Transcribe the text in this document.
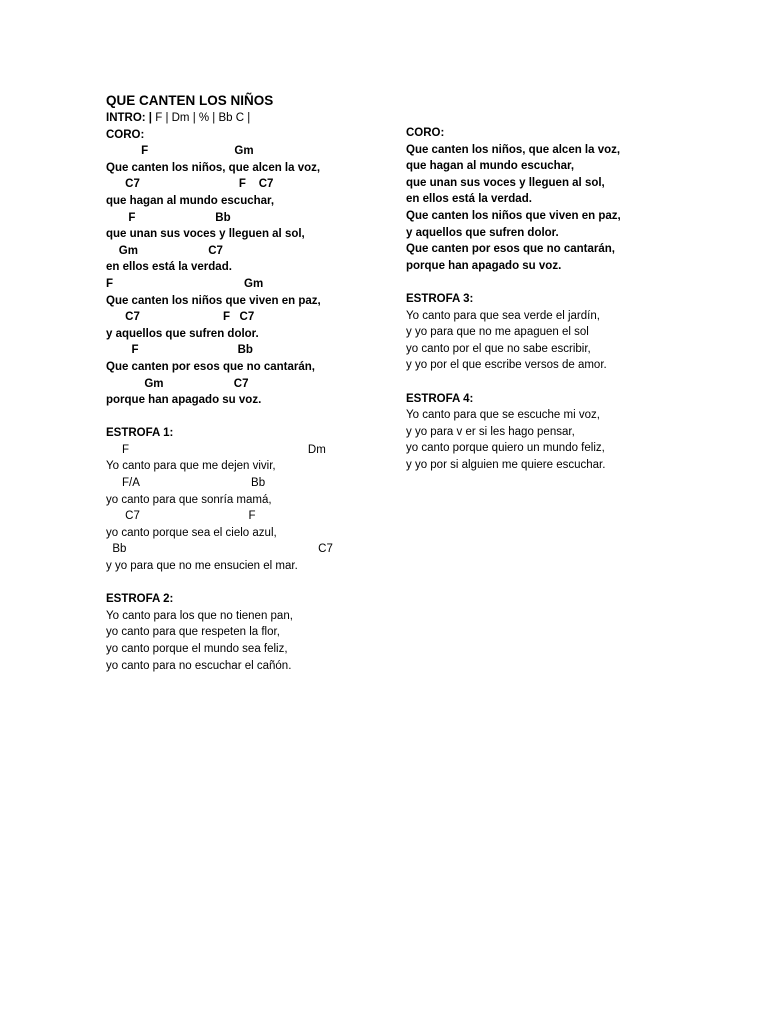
QUE CANTEN LOS NIÑOS
INTRO: | F | Dm | % | Bb C |
CORO:
F                           Gm
Que canten los niños, que alcen la voz,
C7                               F    C7
que hagan al mundo escuchar,
F                         Bb
que unan sus voces y lleguen al sol,
Gm                      C7
en ellos está la verdad.
F                                         Gm
Que canten los niños que viven en paz,
C7                          F   C7
y aquellos que sufren dolor.
F                               Bb
Que canten por esos que no cantarán,
Gm                      C7
porque han apagado su voz.
ESTROFA 1:
F                                                        Dm
Yo canto para que me dejen vivir,
F/A                                   Bb
yo canto para que sonría mamá,
C7                                  F
yo canto porque sea el cielo azul,
Bb                                                            C7
y yo para que no me ensucien el mar.
ESTROFA 2:
Yo canto para los que no tienen pan,
yo canto para que respeten la flor,
yo canto porque el mundo sea feliz,
yo canto para no escuchar el cañón.
CORO:
Que canten los niños, que alcen la voz,
que hagan al mundo escuchar,
que unan sus voces y lleguen al sol,
en ellos está la verdad.
Que canten los niños que viven en paz,
y aquellos que sufren dolor.
Que canten por esos que no cantarán,
porque han apagado su voz.
ESTROFA 3:
Yo canto para que sea verde el jardín,
y yo para que no me apaguen el sol
yo canto por el que no sabe escribir,
y yo por el que escribe versos de amor.
ESTROFA 4:
Yo canto para que se escuche mi voz,
y yo para v er si les hago pensar,
yo canto porque quiero un mundo feliz,
y yo por si alguien me quiere escuchar.
